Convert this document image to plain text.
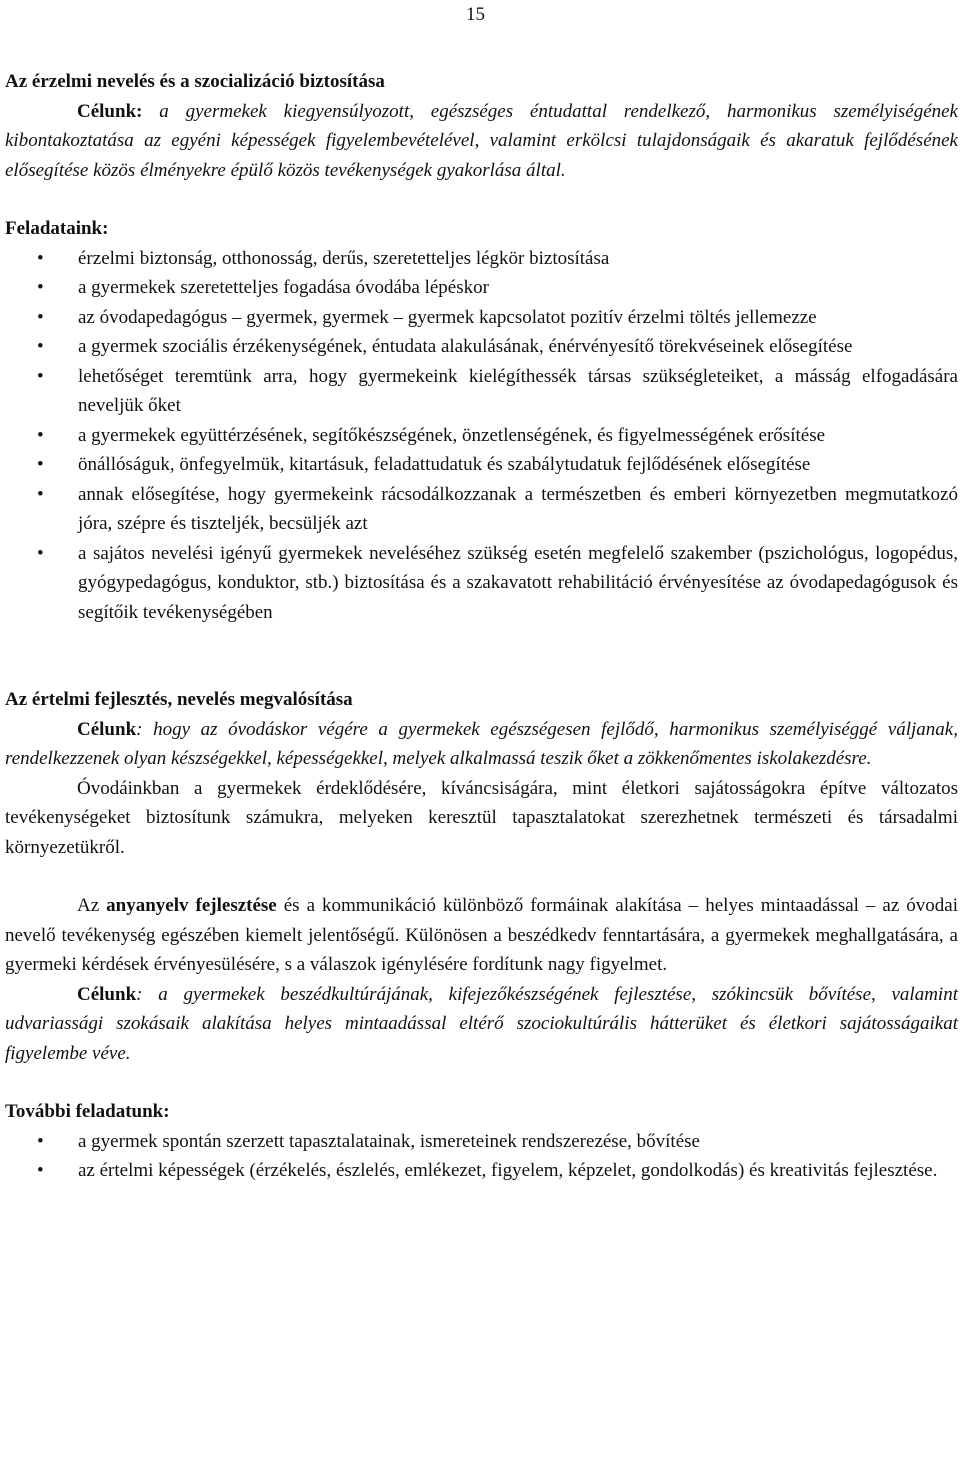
15
Az érzelmi nevelés és a szocializáció biztosítása

Célunk: a gyermekek kiegyensúlyozott, egészséges éntudattal rendelkező, harmonikus személyiségének kibontakoztatása az egyéni képességek figyelembevételével, valamint erkölcsi tulajdonságaik és akaratuk fejlődésének elősegítése közös élményekre épülő közös tevékenységek gyakorlása által.

Feladataink:

• érzelmi biztonság, otthonosság, derűs, szeretetteljes légkör biztosítása
• a gyermekek szeretetteljes fogadása óvodába lépéskor
• az óvodapedagógus – gyermek, gyermek – gyermek kapcsolatot pozitív érzelmi töltés jellemezze
• a gyermek szociális érzékenységének, éntudata alakulásának, énérvényesítő törekvéseinek elősegítése
• lehetőséget teremtünk arra, hogy gyermekeink kielégíthessék társas szükségleteiket, a másság elfogadására neveljük őket
• a gyermekek együttérzésének, segítőkészségének, önzetlenségének, és figyelmességének erősítése
• önállóságuk, önfegyelmük, kitartásuk, feladattudatuk és szabálytudatuk fejlődésének elősegítése
• annak elősegítése, hogy gyermekeink rácsodálkozzanak a természetben és emberi környezetben megmutatkozó jóra, szépre és tiszteljék, becsüljék azt
• a sajátos nevelési igényű gyermekek neveléséhez szükség esetén megfelelő szakember (pszichológus, logopédus, gyógypedagógus, konduktor, stb.) biztosítása és a szakavatott rehabilitáció érvényesítése az óvodapedagógusok és segítőik tevékenységében
Az értelmi fejlesztés, nevelés megvalósítása

Célunk: hogy az óvodáskor végére a gyermekek egészségesen fejlődő, harmonikus személyiséggé váljanak, rendelkezzenek olyan készségekkel, képességekkel, melyek alkalmassá teszik őket a zökkenőmentes iskolakezdésre.

Óvodáinkban a gyermekek érdeklődésére, kíváncsiságára, mint életkori sajátosságokra építve változatos tevékenységeket biztosítunk számukra, melyeken keresztül tapasztalatokat szerezhetnek természeti és társadalmi környezetükről.

Az anyanyelv fejlesztése és a kommunikáció különböző formáinak alakítása – helyes mintaadással – az óvodai nevelő tevékenység egészében kiemelt jelentőségű. Különösen a beszédkedv fenntartására, a gyermekek meghallgatására, a gyermeki kérdések érvényesülésére, s a válaszok igénylésére fordítunk nagy figyelmet.

Célunk: a gyermekek beszédkultúrájának, kifejezőkészségének fejlesztése, szókincsük bővítése, valamint udvariassági szokásaik alakítása helyes mintaadással eltérő szociokultúrális hátterüket és életkori sajátosságaikat figyelembe véve.

További feladatunk:

• a gyermek spontán szerzett tapasztalatainak, ismereteinek rendszerezése, bővítése
• az értelmi képességek (érzékelés, észlelés, emlékezet, figyelem, képzelet, gondolkodás) és kreativitás fejlesztése.
